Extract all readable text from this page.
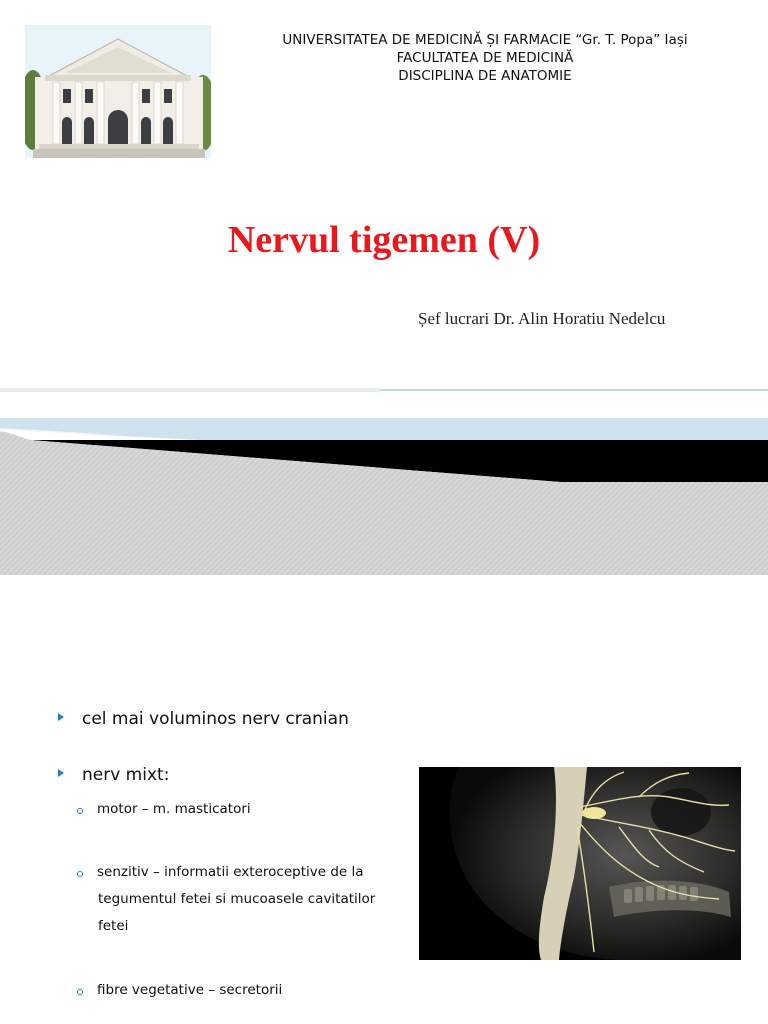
UNIVERSITATEA DE MEDICINĂ ȘI FARMACIE “Gr. T. Popa” Iași
FACULTATEA DE MEDICINĂ
DISCIPLINA DE ANATOMIE
Nervul tigemen (V)
Șef lucrari Dr. Alin Horatiu Nedelcu
cel mai voluminos nerv cranian
nerv mixt:
motor – m. masticatori
senzitiv – informatii exteroceptive de la
tegumentul fetei si mucoasele cavitatilor
fetei
fibre vegetative – secretorii
